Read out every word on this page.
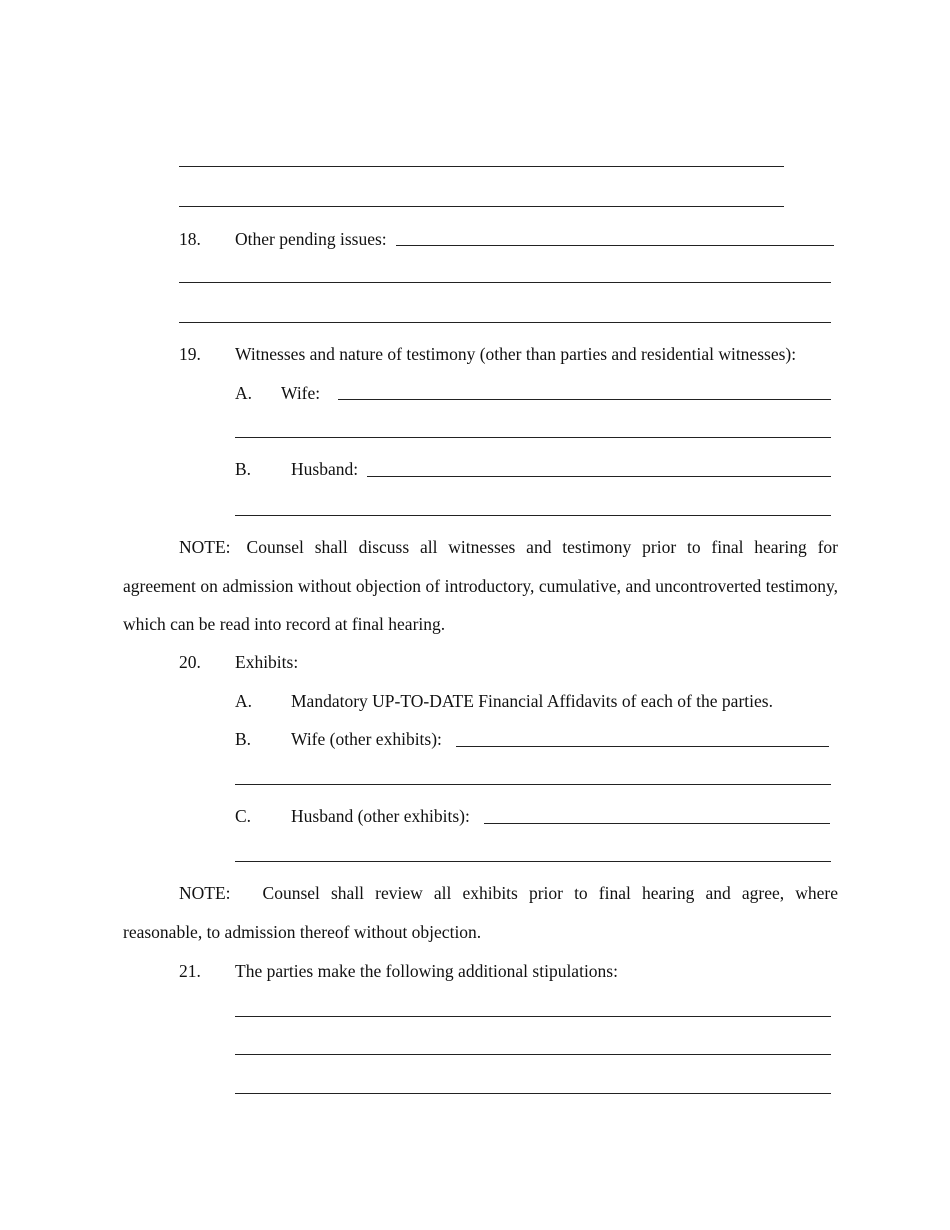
18. Other pending issues:
19. Witnesses and nature of testimony (other than parties and residential witnesses):
A. Wife:
B. Husband:
NOTE: Counsel shall discuss all witnesses and testimony prior to final hearing for agreement on admission without objection of introductory, cumulative, and uncontroverted testimony, which can be read into record at final hearing.
20. Exhibits:
A. Mandatory UP-TO-DATE Financial Affidavits of each of the parties.
B. Wife (other exhibits):
C. Husband (other exhibits):
NOTE: Counsel shall review all exhibits prior to final hearing and agree, where reasonable, to admission thereof without objection.
21. The parties make the following additional stipulations:
